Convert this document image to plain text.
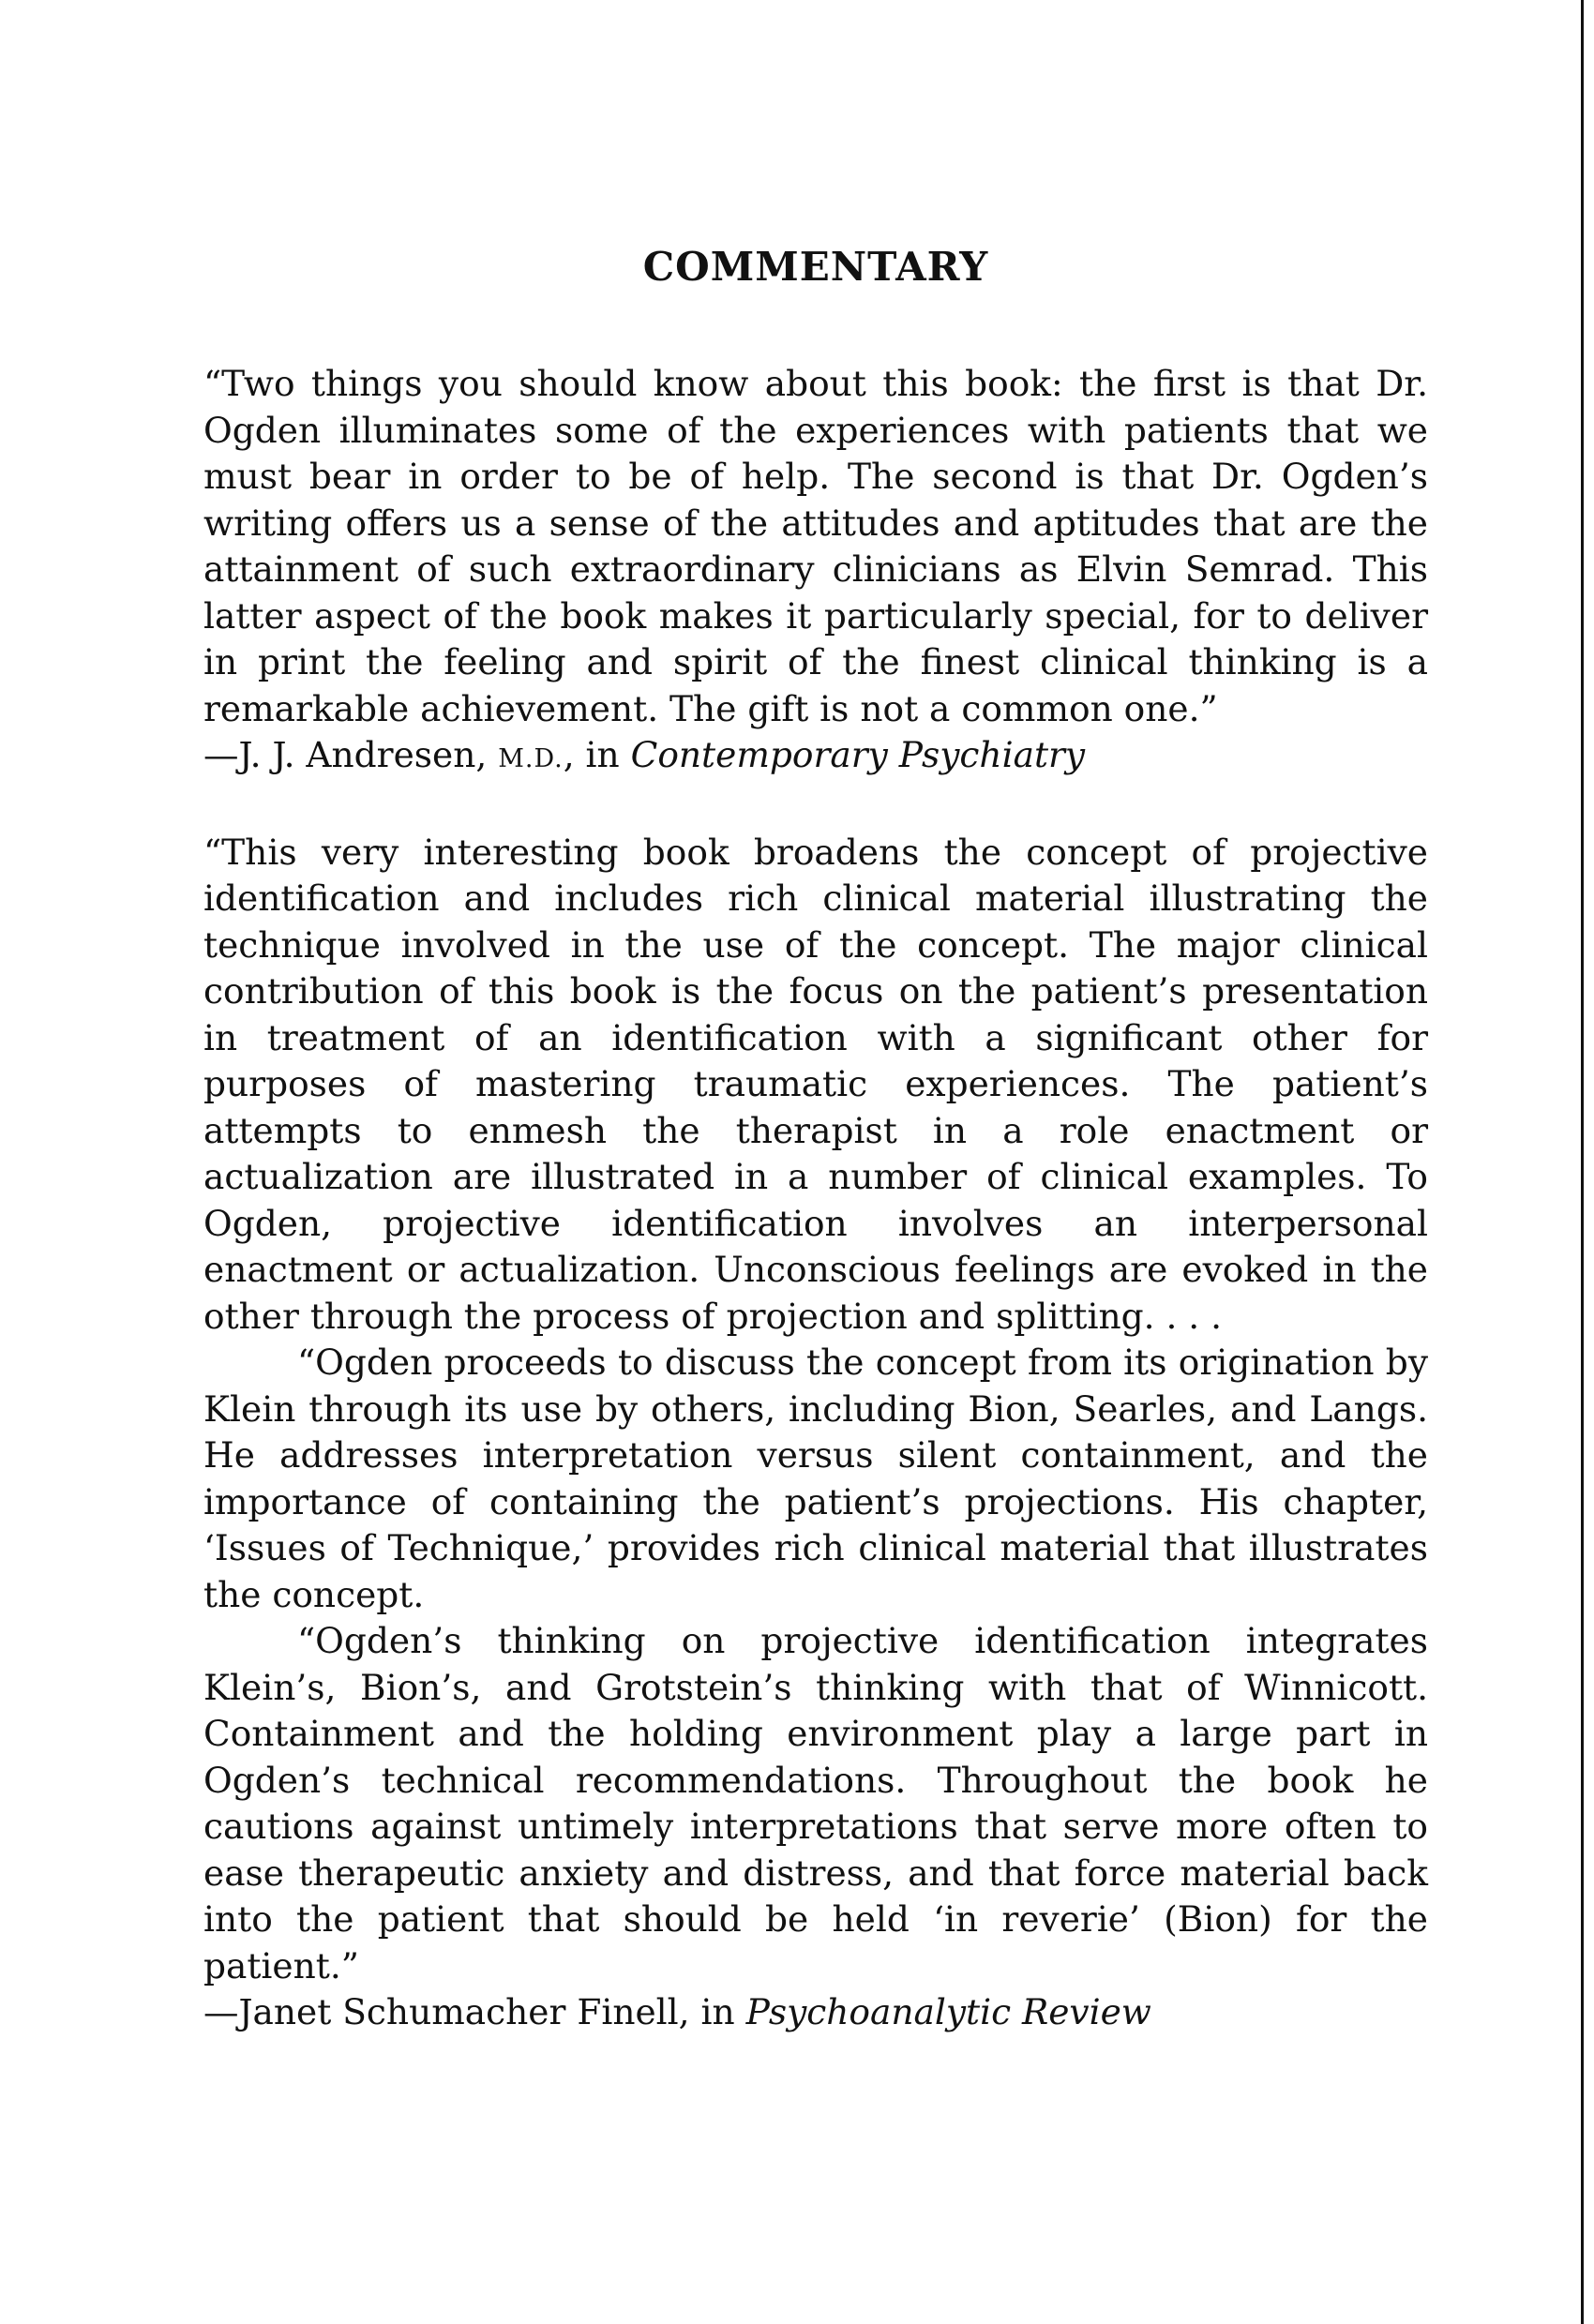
COMMENTARY

“Two things you should know about this book: the first is that Dr. Ogden illuminates some of the experiences with patients that we must bear in order to be of help. The second is that Dr. Ogden’s writing offers us a sense of the attitudes and aptitudes that are the attainment of such extraordinary clinicians as Elvin Semrad. This latter aspect of the book makes it particularly special, for to deliver in print the feeling and spirit of the finest clinical thinking is a remarkable achievement. The gift is not a common one.”

—J. J. Andresen, M.D., in Contemporary Psychiatry

“This very interesting book broadens the concept of projective identification and includes rich clinical material illustrating the technique involved in the use of the concept. The major clinical contribution of this book is the focus on the patient’s presentation in treatment of an identification with a significant other for purposes of mastering traumatic experiences. The patient’s attempts to enmesh the therapist in a role enactment or actualization are illustrated in a number of clinical examples. To Ogden, projective identification involves an interpersonal enactment or actualization. Unconscious feelings are evoked in the other through the process of projection and splitting. . . .

“Ogden proceeds to discuss the concept from its origination by Klein through its use by others, including Bion, Searles, and Langs. He addresses interpretation versus silent containment, and the importance of containing the patient’s projections. His chapter, ‘Issues of Technique,’ provides rich clinical material that illustrates the concept.

“Ogden’s thinking on projective identification integrates Klein’s, Bion’s, and Grotstein’s thinking with that of Winnicott. Containment and the holding environment play a large part in Ogden’s technical recommendations. Throughout the book he cautions against untimely interpretations that serve more often to ease therapeutic anxiety and distress, and that force material back into the patient that should be held ‘in reverie’ (Bion) for the patient.”

—Janet Schumacher Finell, in Psychoanalytic Review
